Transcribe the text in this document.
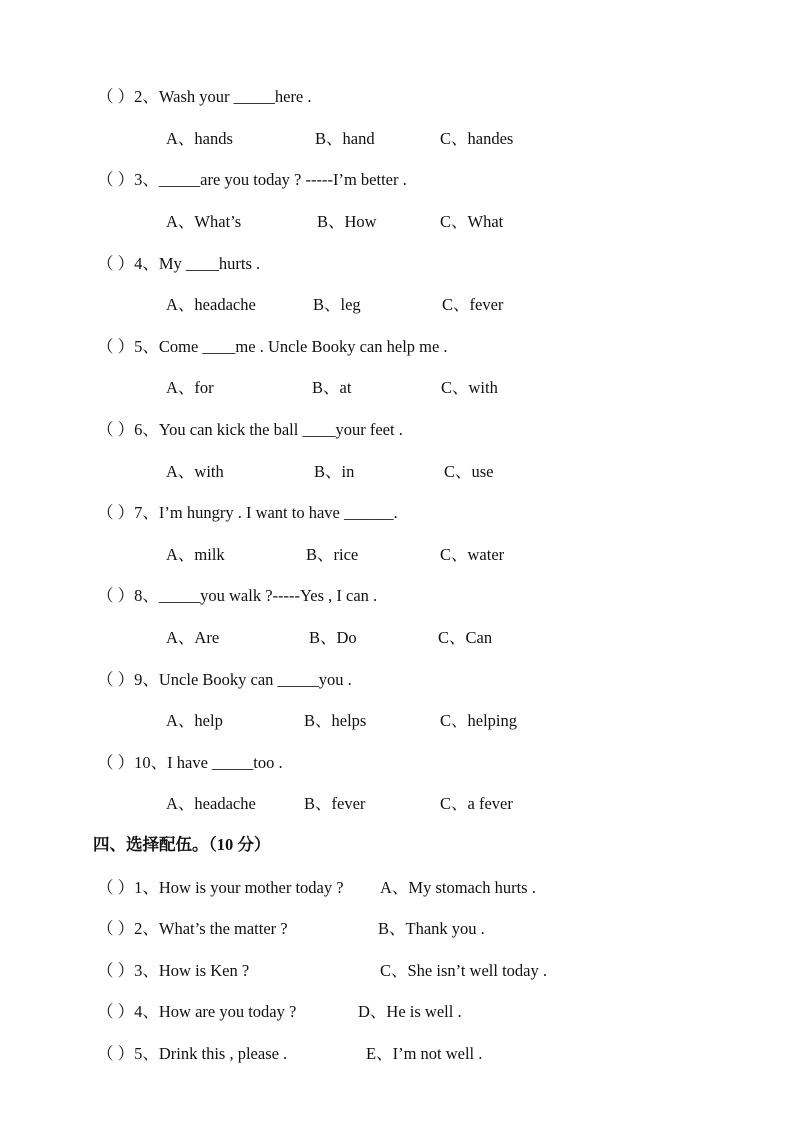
（ ）2、Wash your _____here .
A、hands	B、hand	C、handes
（ ）3、_____are you today ? -----I’m better .
A、What’s	B、How	C、What
（ ）4、My ____hurts .
A、headache	B、leg	C、fever
（ ）5、Come ____me . Uncle Booky can help me .
A、for	B、at	C、with
（ ）6、You can kick the ball ____your feet .
A、with	B、in	C、use
（ ）7、I’m hungry . I want to have ______.
A、milk	B、rice	C、water
（ ）8、_____you walk ?-----Yes , I can .
A、Are	B、Do	C、Can
（ ）9、Uncle Booky can _____you .
A、help	B、helps	C、helping
（ ）10、I have _____too .
A、headache	B、fever	C、a fever
四、选择配伍。（10 分）
（ ）1、How is your mother today ? A、My stomach hurts .
（ ）2、What’s the matter ?	B、Thank you .
（ ）3、How is Ken ?	C、She isn’t well today .
（ ）4、How are you today ?	D、He is well .
（ ）5、Drink this , please .	E、I’m not well .
